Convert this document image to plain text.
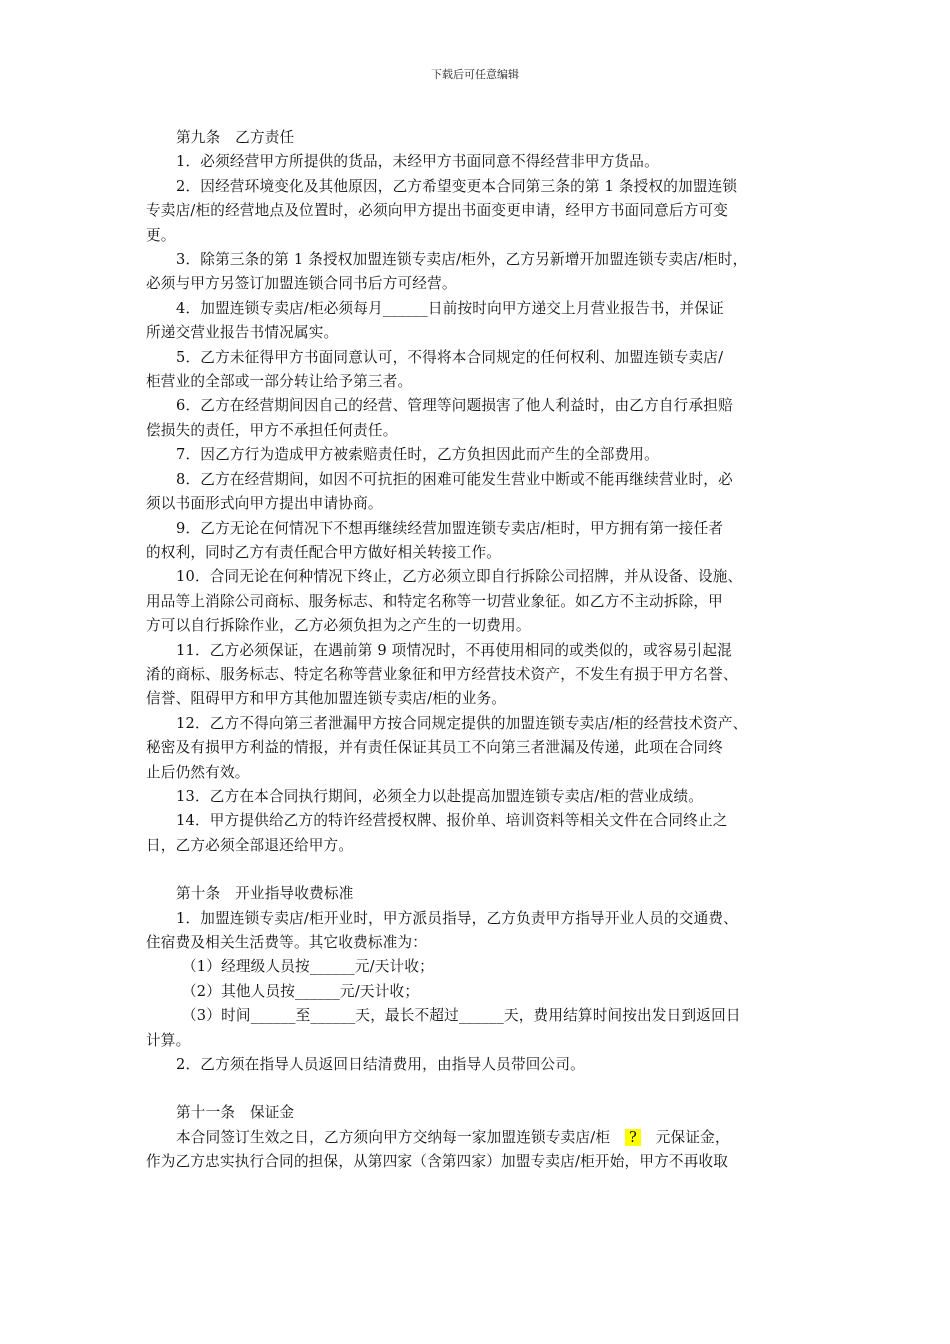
下载后可任意编辑
第九条　乙方责任
1．必须经营甲方所提供的货品，未经甲方书面同意不得经营非甲方货品。
2．因经营环境变化及其他原因，乙方希望变更本合同第三条的第 1 条授权的加盟连锁
专卖店/柜的经营地点及位置时，必须向甲方提出书面变更申请，经甲方书面同意后方可变
更。
3．除第三条的第 1 条授权加盟连锁专卖店/柜外，乙方另新增开加盟连锁专卖店/柜时，
必须与甲方另签订加盟连锁合同书后方可经营。
4．加盟连锁专卖店/柜必须每月______日前按时向甲方递交上月营业报告书，并保证
所递交营业报告书情况属实。
5．乙方未征得甲方书面同意认可，不得将本合同规定的任何权利、加盟连锁专卖店/
柜营业的全部或一部分转让给予第三者。
6．乙方在经营期间因自己的经营、管理等问题损害了他人利益时，由乙方自行承担赔
偿损失的责任，甲方不承担任何责任。
7．因乙方行为造成甲方被索赔责任时，乙方负担因此而产生的全部费用。
8．乙方在经营期间，如因不可抗拒的困难可能发生营业中断或不能再继续营业时，必
须以书面形式向甲方提出申请协商。
9．乙方无论在何情况下不想再继续经营加盟连锁专卖店/柜时，甲方拥有第一接任者
的权利，同时乙方有责任配合甲方做好相关转接工作。
10．合同无论在何种情况下终止，乙方必须立即自行拆除公司招牌，并从设备、设施、
用品等上消除公司商标、服务标志、和特定名称等一切营业象征。如乙方不主动拆除，甲
方可以自行拆除作业，乙方必须负担为之产生的一切费用。
11．乙方必须保证，在遇前第 9 项情况时，不再使用相同的或类似的，或容易引起混
淆的商标、服务标志、特定名称等营业象征和甲方经营技术资产，不发生有损于甲方名誉、
信誉、阻碍甲方和甲方其他加盟连锁专卖店/柜的业务。
12．乙方不得向第三者泄漏甲方按合同规定提供的加盟连锁专卖店/柜的经营技术资产、
秘密及有损甲方利益的情报，并有责任保证其员工不向第三者泄漏及传递，此项在合同终
止后仍然有效。
13．乙方在本合同执行期间，必须全力以赴提高加盟连锁专卖店/柜的营业成绩。
14．甲方提供给乙方的特许经营授权牌、报价单、培训资料等相关文件在合同终止之
日，乙方必须全部退还给甲方。
第十条　开业指导收费标准
1．加盟连锁专卖店/柜开业时，甲方派员指导，乙方负责甲方指导开业人员的交通费、
住宿费及相关生活费等。其它收费标准为：
（1）经理级人员按______元/天计收；
（2）其他人员按______元/天计收；
（3）时间______至______天，最长不超过______天，费用结算时间按出发日到返回日
计算。
2．乙方须在指导人员返回日结清费用，由指导人员带回公司。
第十一条　保证金
本合同签订生效之日，乙方须向甲方交纳每一家加盟连锁专卖店/柜　?　元保证金，
作为乙方忠实执行合同的担保，从第四家（含第四家）加盟专卖店/柜开始，甲方不再收取
